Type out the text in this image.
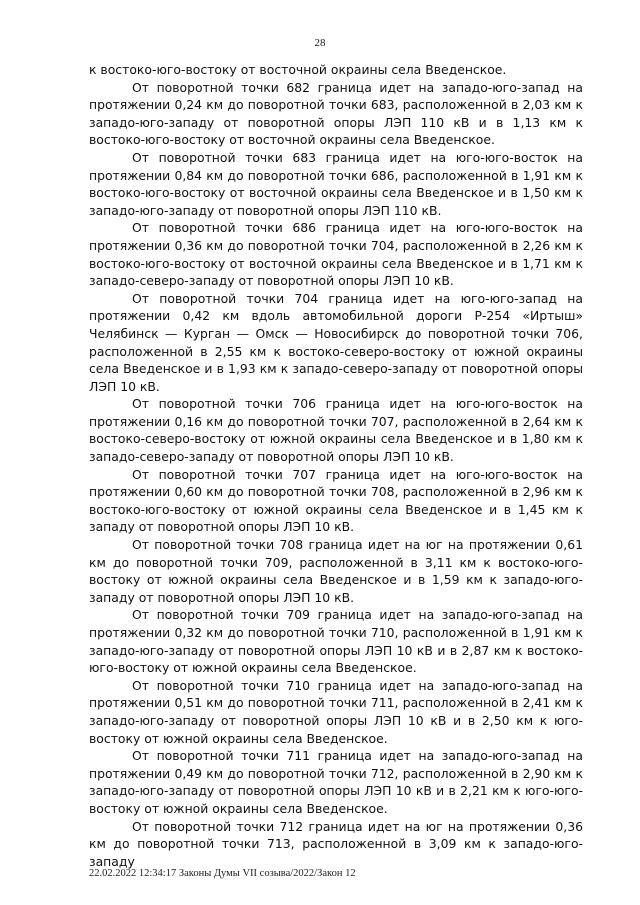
28

к востоко-юго-востоку от восточной окраины села Введенское.

От поворотной точки 682 граница идет на западо-юго-запад на протяжении 0,24 км до поворотной точки 683, расположенной в 2,03 км к западо-юго-западу от поворотной опоры ЛЭП 110 кВ и в 1,13 км к востоко-юго-востоку от восточной окраины села Введенское.

От поворотной точки 683 граница идет на юго-юго-восток на протяжении 0,84 км до поворотной точки 686, расположенной в 1,91 км к востоко-юго-востоку от восточной окраины села Введенское и в 1,50 км к западо-юго-западу от поворотной опоры ЛЭП 110 кВ.

От поворотной точки 686 граница идет на юго-юго-восток на протяжении 0,36 км до поворотной точки 704, расположенной в 2,26 км к востоко-юго-востоку от восточной окраины села Введенское и в 1,71 км к западо-северо-западу от поворотной опоры ЛЭП 10 кВ.

От поворотной точки 704 граница идет на юго-юго-запад на протяжении 0,42 км вдоль автомобильной дороги Р-254 «Иртыш» Челябинск — Курган — Омск — Новосибирск до поворотной точки 706, расположенной в 2,55 км к востоко-северо-востоку от южной окраины села Введенское и в 1,93 км к западо-северо-западу от поворотной опоры ЛЭП 10 кВ.

От поворотной точки 706 граница идет на юго-юго-восток на протяжении 0,16 км до поворотной точки 707, расположенной в 2,64 км к востоко-северо-востоку от южной окраины села Введенское и в 1,80 км к западо-северо-западу от поворотной опоры ЛЭП 10 кВ.

От поворотной точки 707 граница идет на юго-юго-восток на протяжении 0,60 км до поворотной точки 708, расположенной в 2,96 км к востоко-юго-востоку от южной окраины села Введенское и в 1,45 км к западу от поворотной опоры ЛЭП 10 кВ.

От поворотной точки 708 граница идет на юг на протяжении 0,61 км до поворотной точки 709, расположенной в 3,11 км к востоко-юго-востоку от южной окраины села Введенское и в 1,59 км к западо-юго-западу от поворотной опоры ЛЭП 10 кВ.

От поворотной точки 709 граница идет на западо-юго-запад на протяжении 0,32 км до поворотной точки 710, расположенной в 1,91 км к западо-юго-западу от поворотной опоры ЛЭП 10 кВ и в 2,87 км к востоко-юго-востоку от южной окраины села Введенское.

От поворотной точки 710 граница идет на западо-юго-запад на протяжении 0,51 км до поворотной точки 711, расположенной в 2,41 км к западо-юго-западу от поворотной опоры ЛЭП 10 кВ и в 2,50 км к юго-востоку от южной окраины села Введенское.

От поворотной точки 711 граница идет на западо-юго-запад на протяжении 0,49 км до поворотной точки 712, расположенной в 2,90 км к западо-юго-западу от поворотной опоры ЛЭП 10 кВ и в 2,21 км к юго-юго-востоку от южной окраины села Введенское.

От поворотной точки 712 граница идет на юг на протяжении 0,36 км до поворотной точки 713, расположенной в 3,09 км к западо-юго-западу

22.02.2022 12:34:17 Законы Думы VII созыва/2022/Закон 12
